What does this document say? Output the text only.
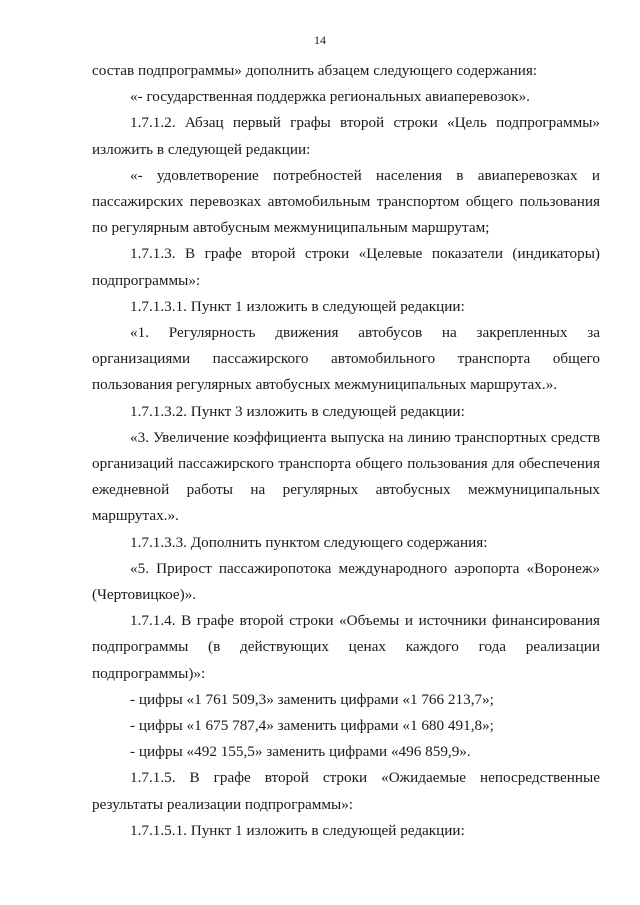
14

состав подпрограммы» дополнить абзацем следующего содержания:

«- государственная поддержка региональных авиаперевозок».

1.7.1.2. Абзац первый графы второй строки «Цель подпрограммы» изложить в следующей редакции:

«- удовлетворение потребностей населения в авиаперевозках и пассажирских перевозках автомобильным транспортом общего пользования по регулярным автобусным межмуниципальным маршрутам;

1.7.1.3. В графе второй строки «Целевые показатели (индикаторы) подпрограммы»:

1.7.1.3.1. Пункт 1 изложить в следующей редакции:

«1. Регулярность движения автобусов на закрепленных за организациями пассажирского автомобильного транспорта общего пользования регулярных автобусных межмуниципальных маршрутах.».

1.7.1.3.2. Пункт 3 изложить в следующей редакции:

«3. Увеличение коэффициента выпуска на линию транспортных средств организаций пассажирского транспорта общего пользования для обеспечения ежедневной работы на регулярных автобусных межмуниципальных маршрутах.».

1.7.1.3.3. Дополнить пунктом следующего содержания:

«5. Прирост пассажиропотока международного аэропорта «Воронеж» (Чертовицкое)».

1.7.1.4. В графе второй строки «Объемы и источники финансирования подпрограммы (в действующих ценах каждого года реализации подпрограммы)»:

- цифры «1 761 509,3» заменить цифрами «1 766 213,7»;

- цифры «1 675 787,4» заменить цифрами «1 680 491,8»;

- цифры «492 155,5» заменить цифрами «496 859,9».

1.7.1.5. В графе второй строки «Ожидаемые непосредственные результаты реализации подпрограммы»:

1.7.1.5.1. Пункт 1 изложить в следующей редакции:
